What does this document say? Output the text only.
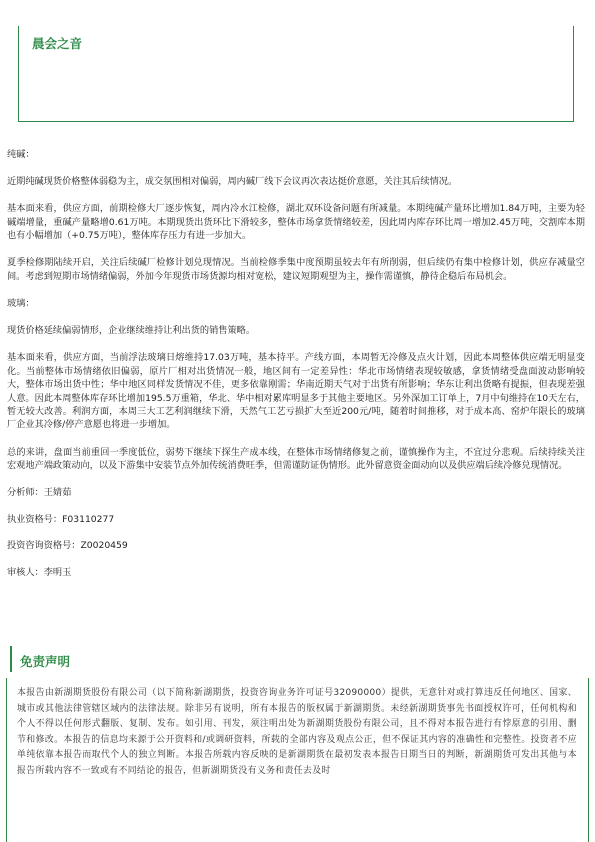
晨会之音

纯碱：

近期纯碱现货价格整体弱稳为主，成交氛围相对偏弱，周内碱厂线下会议再次表达挺价意愿，关注其后续情况。

基本面来看，供应方面，前期检修大厂逐步恢复，周内冷水江检修，湖北双环设备问题有所减量。本期纯碱产量环比增加1.84万吨，主要为轻碱端增量，重碱产量略增0.61万吨。本期现货出货环比下滑较多，整体市场拿货情绪较差，因此周内库存环比周一增加2.45万吨，交割库本期也有小幅增加（+0.75万吨），整体库存压力有进一步加大。

夏季检修期陆续开启，关注后续碱厂检修计划兑现情况。当前检修季集中度预期虽较去年有所削弱，但后续仍有集中检修计划，供应存减量空间。考虑到短期市场情绪偏弱，外加今年现货市场货源均相对宽松，建议短期观望为主，操作需谨慎，静待企稳后布局机会。

玻璃：

现货价格延续偏弱情形，企业继续维持让利出货的销售策略。

基本面来看，供应方面，当前浮法玻璃日熔维持17.03万吨，基本持平。产线方面，本周暂无冷修及点火计划，因此本周整体供应端无明显变化。当前整体市场情绪依旧偏弱，原片厂相对出货情况一般，地区间有一定差异性：华北市场情绪表现较敏感，拿货情绪受盘面波动影响较大，整体市场出货中性；华中地区同样发货情况不佳，更多依靠刚需；华南近期天气对于出货有所影响；华东让利出货略有提振，但表现差强人意。因此本周整体库存环比增加195.5万重箱，华北、华中相对累库明显多于其他主要地区。另外深加工订单上，7月中旬维持在10天左右，暂无较大改善。利润方面，本周三大工艺利润继续下滑，天然气工艺亏损扩大至近200元/吨，随着时间推移，对于成本高、窑炉年限长的玻璃厂企业其冷修/停产意愿也将进一步增加。

总的来讲，盘面当前重回一季度低位，弱势下继续下探生产成本线，在整体市场情绪修复之前，谨慎操作为主，不宜过分悲观。后续持续关注宏观地产端政策动向，以及下游集中安装节点外加传统消费旺季，但需谨防证伪情形。此外留意资金面动向以及供应端后续冷修兑现情况。

分析师：王婧茹

执业资格号：F03110277

投资咨询资格号：Z0020459

审核人：李明玉

免责声明
本报告由新湖期货股份有限公司（以下简称新湖期货，投资咨询业务许可证号32090000）提供，无意针对或打算违反任何地区、国家、城市或其他法律管辖区域内的法律法规。除非另有说明，所有本报告的版权属于新湖期货。未经新湖期货事先书面授权许可，任何机构和个人不得以任何形式翻版、复制、发布。如引用、刊发，须注明出处为新湖期货股份有限公司，且不得对本报告进行有悖原意的引用、删节和修改。本报告的信息均来源于公开资料和/或调研资料，所载的全部内容及观点公正，但不保证其内容的准确性和完整性。投资者不应单纯依靠本报告而取代个人的独立判断。本报告所载内容反映的是新湖期货在最初发表本报告日期当日的判断，新湖期货可发出其他与本报告所载内容不一致或有不同结论的报告，但新湖期货没有义务和责任去及时
